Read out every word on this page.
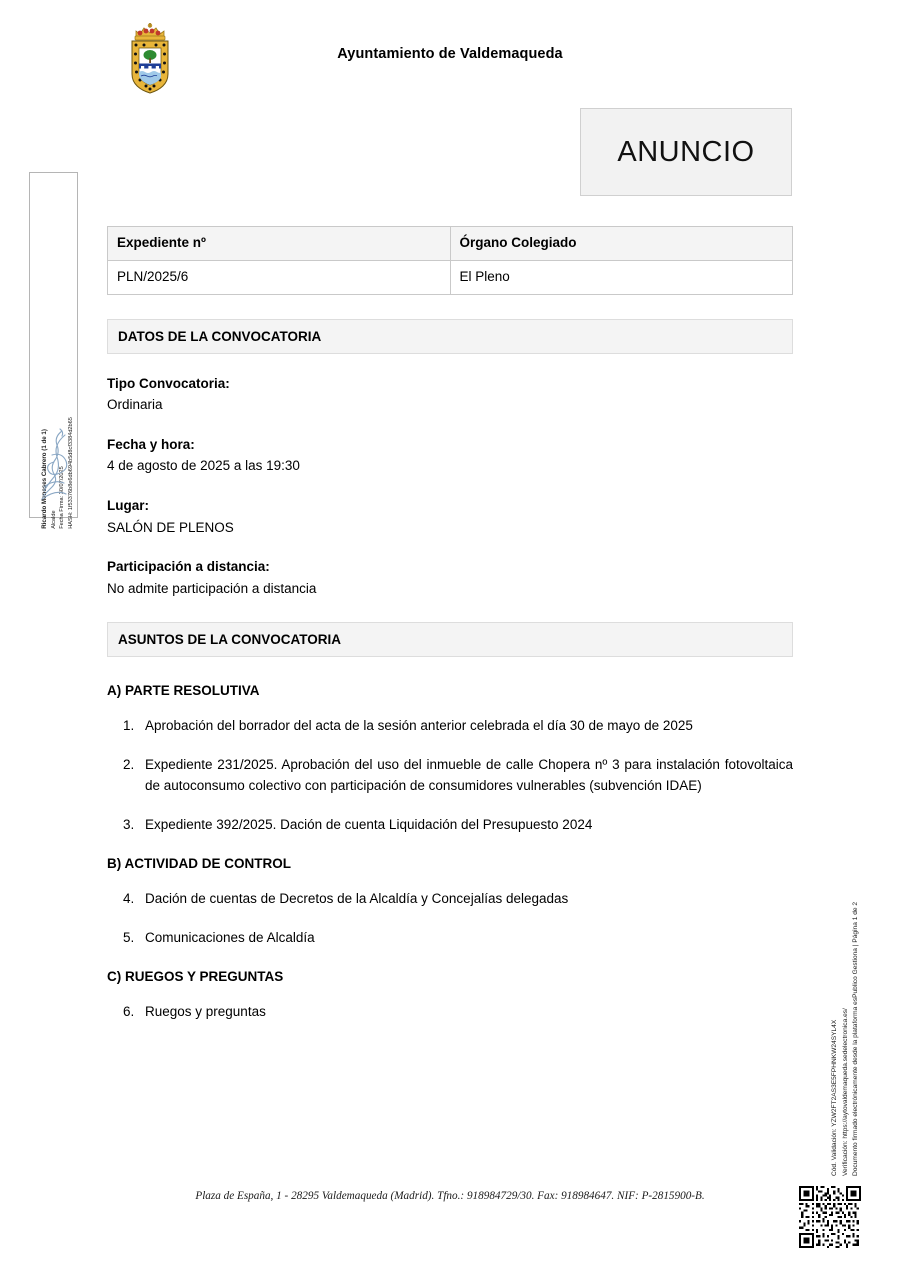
Ayuntamiento de Valdemaqueda
ANUNCIO
Ricardo Meneses Cabrero (1 de 1) Alcalde Fecha Firma: 30/07/2025 HASH: 1f53376b8e6db694b5d8cf3384d2b65
Expediente nº	Órgano Colegiado
PLN/2025/6	El Pleno
DATOS DE LA CONVOCATORIA
Tipo Convocatoria:
Ordinaria
Fecha y hora:
4 de agosto de 2025 a las 19:30
Lugar:
SALÓN DE PLENOS
Participación a distancia:
No admite participación a distancia
ASUNTOS DE LA CONVOCATORIA
A) PARTE RESOLUTIVA
1. Aprobación del borrador del acta de la sesión anterior celebrada el día 30 de mayo de 2025
2. Expediente 231/2025. Aprobación del uso del inmueble de calle Chopera nº 3 para instalación fotovoltaica de autoconsumo colectivo con participación de consumidores vulnerables (subvención IDAE)
3. Expediente 392/2025. Dación de cuenta Liquidación del Presupuesto 2024
B) ACTIVIDAD DE CONTROL
4. Dación de cuentas de Decretos de la Alcaldía y Concejalías delegadas
5. Comunicaciones de Alcaldía
C) RUEGOS Y PREGUNTAS
6. Ruegos y preguntas
Cód. Validación: YZW2FT2AS3E5FPHNKW24SYL4X Verificación: https://aytovaldemaqueda.sedelectronica.es/ Documento firmado electrónicamente desde la plataforma esPublico Gestiona | Página 1 de 2
Plaza de España, 1 - 28295 Valdemaqueda (Madrid). Tfno.: 918984729/30. Fax: 918984647. NIF: P-2815900-B.
